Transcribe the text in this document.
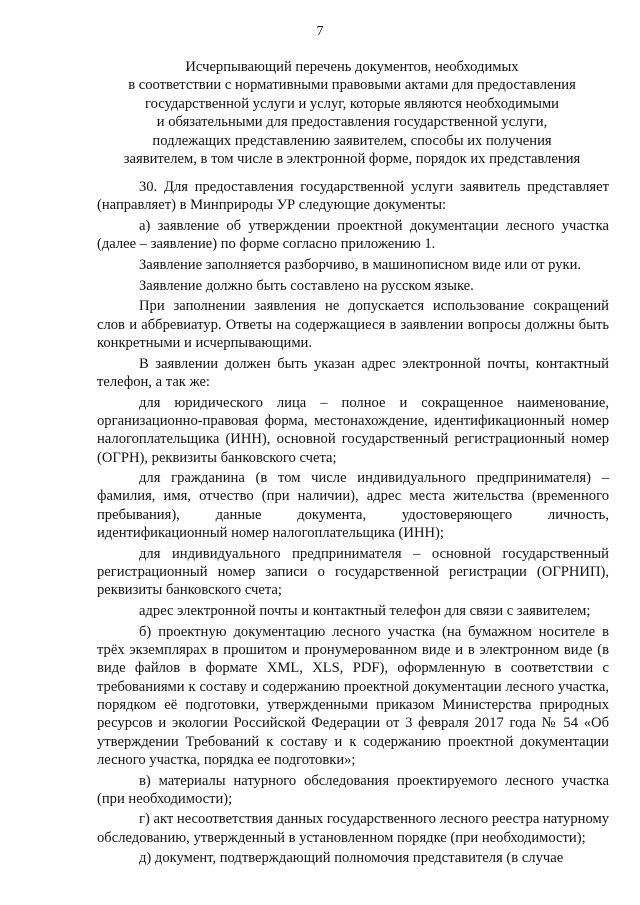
7
Исчерпывающий перечень документов, необходимых
в соответствии с нормативными правовыми актами для предоставления
государственной услуги и услуг, которые являются необходимыми
и обязательными для предоставления государственной услуги,
подлежащих представлению заявителем, способы их получения
заявителем, в том числе в электронной форме, порядок их представления

30. Для предоставления государственной услуги заявитель представляет (направляет) в Минприроды УР следующие документы:

а) заявление об утверждении проектной документации лесного участка (далее – заявление) по форме согласно приложению 1.

Заявление заполняется разборчиво, в машинописном виде или от руки.

Заявление должно быть составлено на русском языке.

При заполнении заявления не допускается использование сокращений слов и аббревиатур. Ответы на содержащиеся в заявлении вопросы должны быть конкретными и исчерпывающими.

В заявлении должен быть указан адрес электронной почты, контактный телефон, а так же:

для юридического лица – полное и сокращенное наименование, организационно-правовая форма, местонахождение, идентификационный номер налогоплательщика (ИНН), основной государственный регистрационный номер (ОГРН), реквизиты банковского счета;

для гражданина (в том числе индивидуального предпринимателя) – фамилия, имя, отчество (при наличии), адрес места жительства (временного пребывания), данные документа, удостоверяющего личность, идентификационный номер налогоплательщика (ИНН);

для индивидуального предпринимателя – основной государственный регистрационный номер записи о государственной регистрации (ОГРНИП), реквизиты банковского счета;

адрес электронной почты и контактный телефон для связи с заявителем;

б) проектную документацию лесного участка (на бумажном носителе в трёх экземплярах в прошитом и пронумерованном виде и в электронном виде (в виде файлов в формате XML, XLS, PDF), оформленную в соответствии с требованиями к составу и содержанию проектной документации лесного участка, порядком её подготовки, утвержденными приказом Министерства природных ресурсов и экологии Российской Федерации от 3 февраля 2017 года № 54 «Об утверждении Требований к составу и к содержанию проектной документации лесного участка, порядка ее подготовки»;

в) материалы натурного обследования проектируемого лесного участка (при необходимости);

г) акт несоответствия данных государственного лесного реестра натурному обследованию, утвержденный в установленном порядке (при необходимости);

д) документ, подтверждающий полномочия представителя (в случае
